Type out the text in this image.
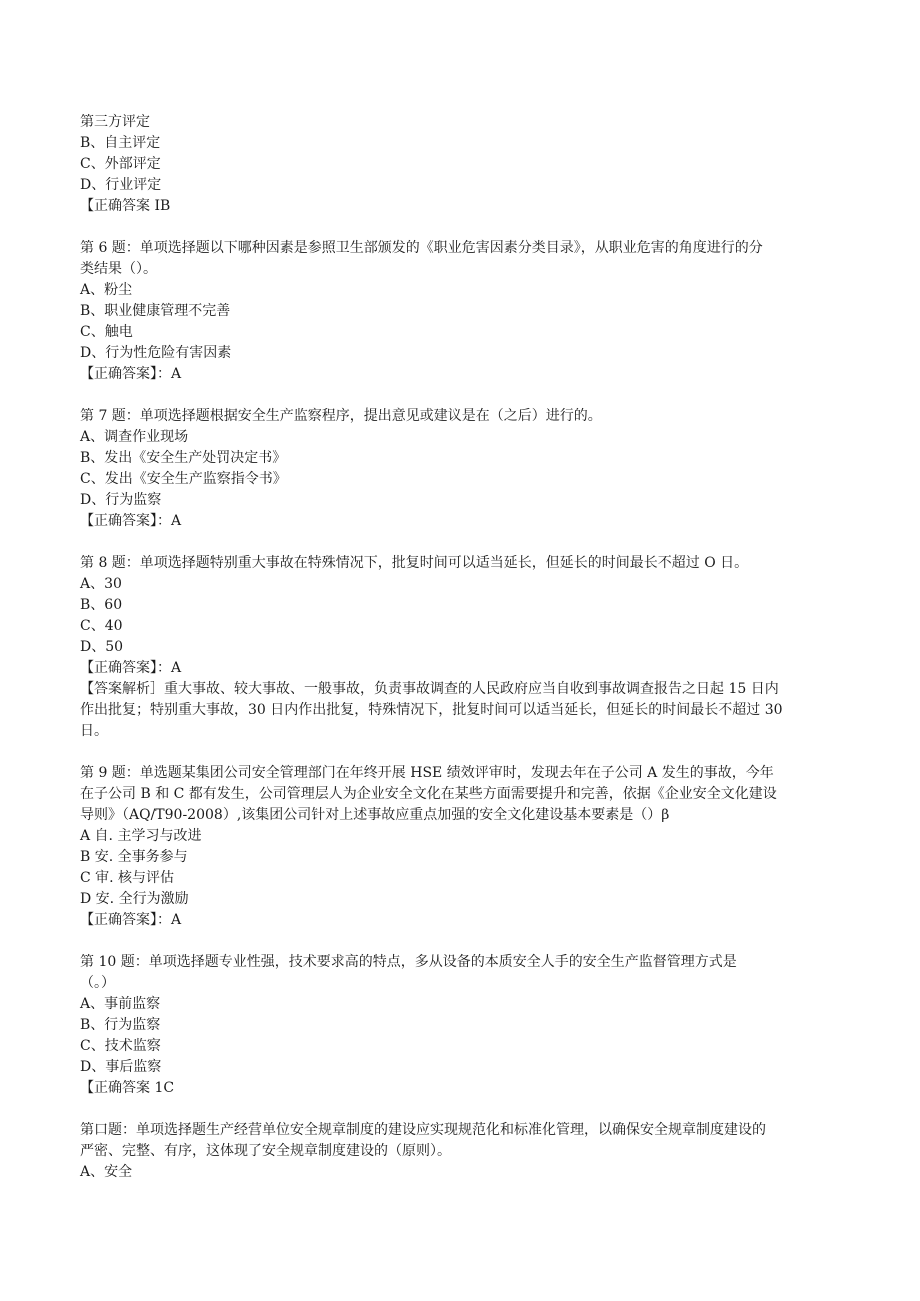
第三方评定

B、自主评定

C、外部评定

D、行业评定

【正确答案 IB

第 6 题：单项选择题以下哪种因素是参照卫生部颁发的《职业危害因素分类目录》，从职业危害的角度进行的分

类结果（）。

A、粉尘

B、职业健康管理不完善

C、触电

D、行为性危险有害因素

【正确答案】：A

第 7 题：单项选择题根据安全生产监察程序，提出意见或建议是在（之后）进行的。

A、调查作业现场

B、发出《安全生产处罚决定书》

C、发出《安全生产监察指令书》

D、行为监察

【正确答案】：A

第 8 题：单项选择题特别重大事故在特殊情况下，批复时间可以适当延长，但延长的时间最长不超过 O 日。

A、30

B、60

C、40

D、50

【正确答案】：A

【答案解析］重大事故、较大事故、一般事故，负责事故调查的人民政府应当自收到事故调查报告之日起 15 日内

作出批复；特别重大事故，30 日内作出批复，特殊情况下，批复时间可以适当延长，但延长的时间最长不超过 30

日。

第 9 题：单选题某集团公司安全管理部门在年终开展 HSE 绩效评审时，发现去年在子公司 A 发生的事故，今年

在子公司 B 和 C 都有发生，公司管理层人为企业安全文化在某些方面需要提升和完善，依据《企业安全文化建设

导则》（AQ/T90-2008）,该集团公司针对上述事故应重点加强的安全文化建设基本要素是（）β

A 自. 主学习与改进

B 安. 全事务参与

C 审. 核与评估

D 安. 全行为激励

【正确答案】：A

第 10 题：单项选择题专业性强，技术要求高的特点，多从设备的本质安全人手的安全生产监督管理方式是

（。）

A、事前监察

B、行为监察

C、技术监察

D、事后监察

【正确答案 1C

第口题：单项选择题生产经营单位安全规章制度的建设应实现规范化和标准化管理，以确保安全规章制度建设的

严密、完整、有序，这体现了安全规章制度建设的（原则）。

A、安全
